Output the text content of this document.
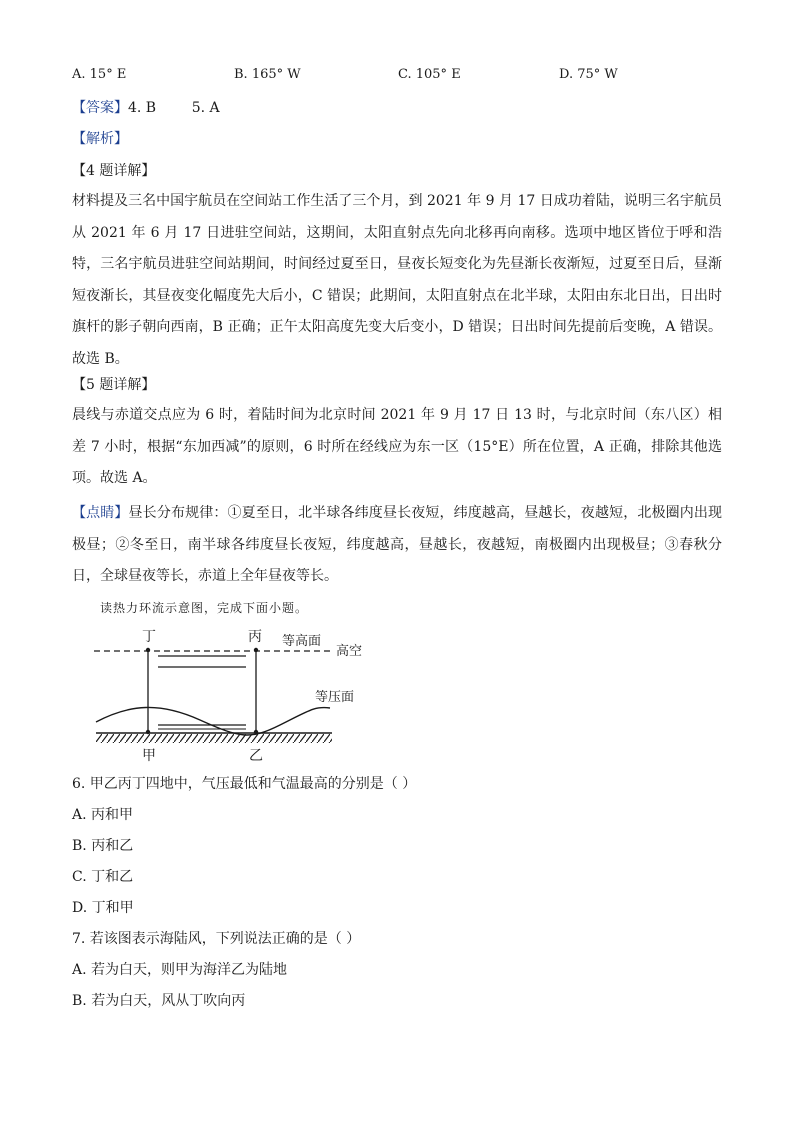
A. 15° E	B. 165° W	C. 105° E	D. 75° W
【答案】4. B        5. A
【解析】
【4 题详解】
材料提及三名中国宇航员在空间站工作生活了三个月，到 2021 年 9 月 17 日成功着陆，说明三名宇航员从 2021 年 6 月 17 日进驻空间站，这期间，太阳直射点先向北移再向南移。选项中地区皆位于呼和浩特，三名宇航员进驻空间站期间，时间经过夏至日，昼夜长短变化为先昼渐长夜渐短，过夏至日后，昼渐短夜渐长，其昼夜变化幅度先大后小，C 错误；此期间，太阳直射点在北半球，太阳由东北日出，日出时旗杆的影子朝向西南，B 正确；正午太阳高度先变大后变小，D 错误；日出时间先提前后变晚，A 错误。故选 B。
【5 题详解】
晨线与赤道交点应为 6 时，着陆时间为北京时间 2021 年 9 月 17 日 13 时，与北京时间（东八区）相差 7 小时，根据“东加西减”的原则，6 时所在经线应为东一区（15°E）所在位置，A 正确，排除其他选项。故选 A。
【点睛】昼长分布规律：①夏至日，北半球各纬度昼长夜短，纬度越高，昼越长，夜越短，北极圈内出现极昼；②冬至日，南半球各纬度昼长夜短，纬度越高，昼越长，夜越短，南极圈内出现极昼；③春秋分日，全球昼夜等长，赤道上全年昼夜等长。
读热力环流示意图，完成下面小题。
丁	丙 等高面
高空
等压面
甲	乙
6. 甲乙丙丁四地中，气压最低和气温最高的分别是（ ）
A. 丙和甲
B. 丙和乙
C. 丁和乙
D. 丁和甲
7. 若该图表示海陆风，下列说法正确的是（ ）
A. 若为白天，则甲为海洋乙为陆地
B. 若为白天，风从丁吹向丙
